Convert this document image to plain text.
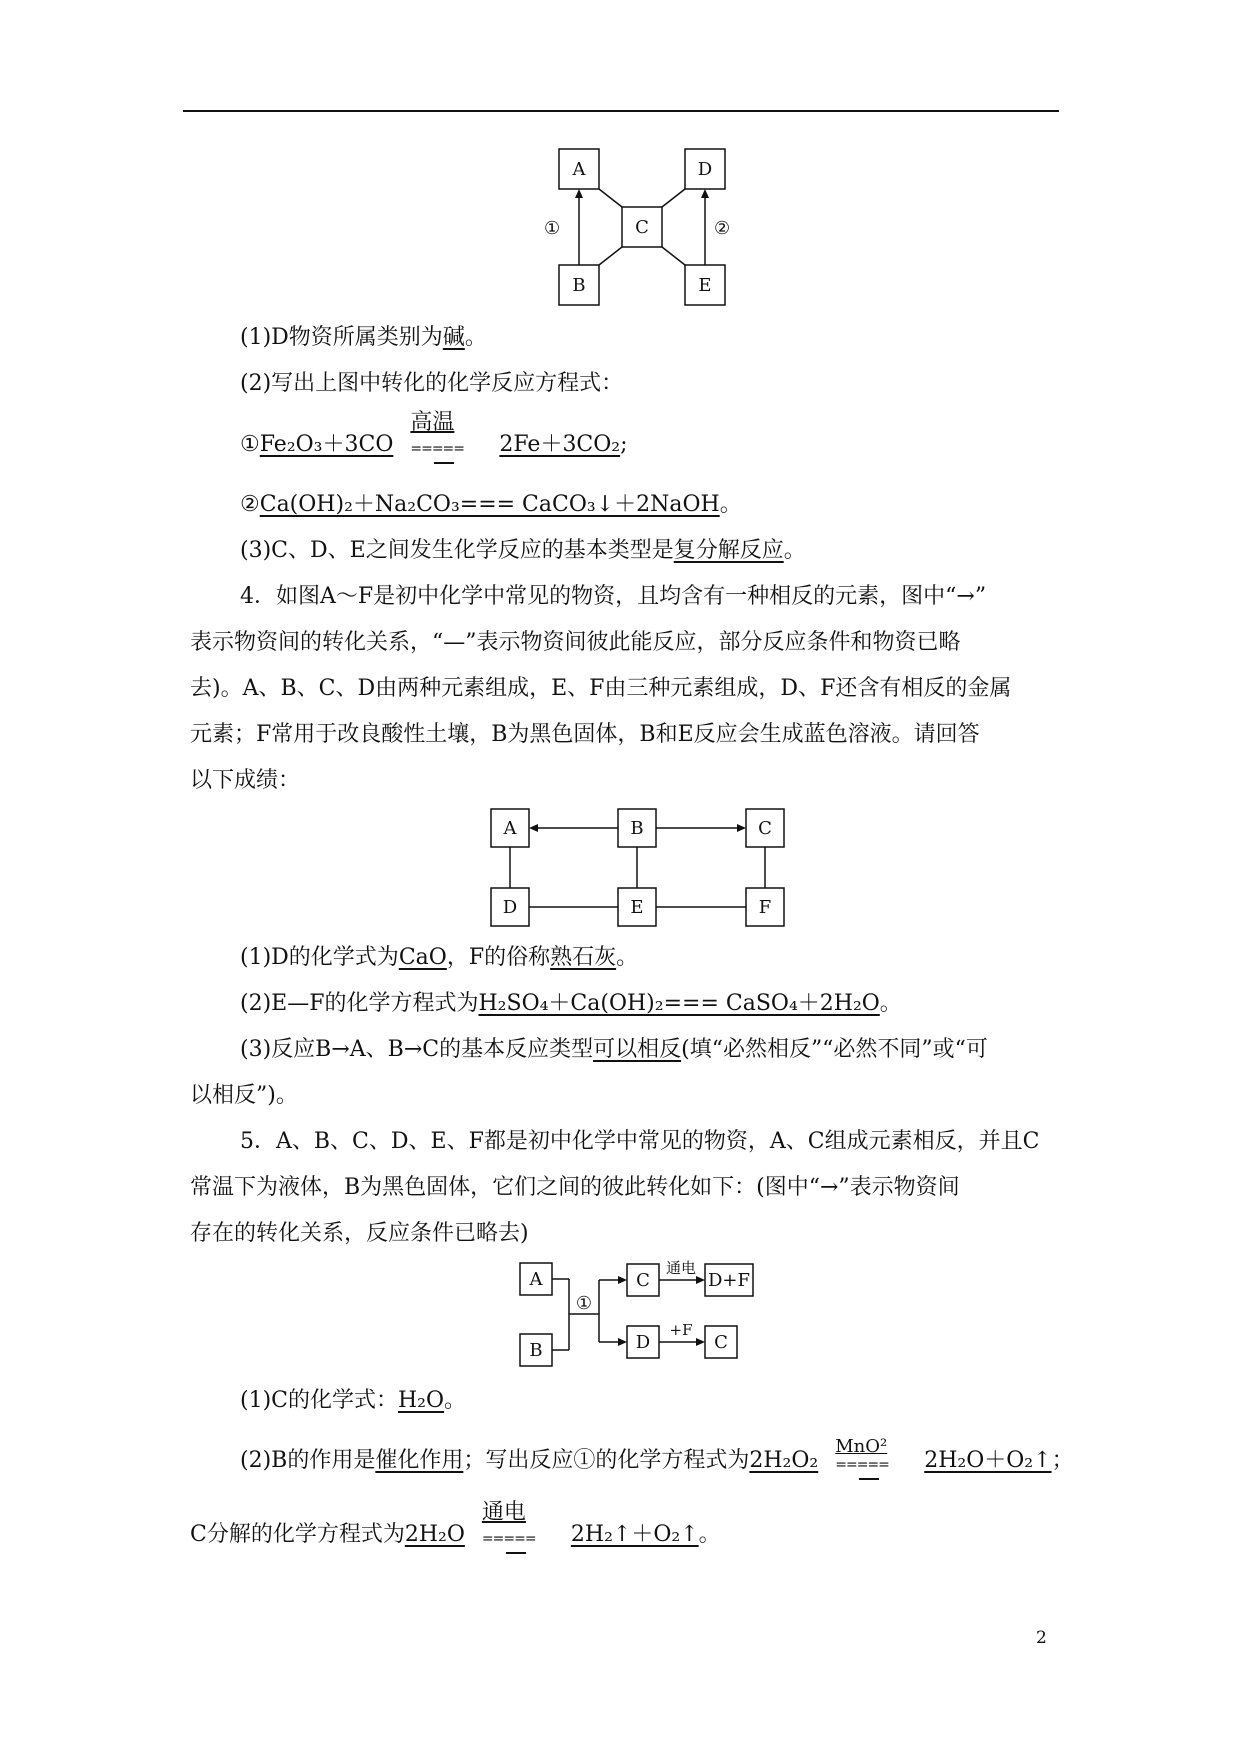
A	D
C
B	E
①	②
(1)D物资所属类别为碱。
(2)写出上图中转化的化学反应方程式：
①Fe₂O₃＋3CO
高温
===== 2Fe＋3CO₂;
②Ca(OH)₂＋Na₂CO₃=== CaCO₃↓＋2NaOH。
(3)C、D、E之间发生化学反应的基本类型是复分解反应。
4．如图A～F是初中化学中常见的物资，且均含有一种相反的元素，图中“→”
表示物资间的转化关系，“—”表示物资间彼此能反应，部分反应条件和物资已略
去)。A、B、C、D由两种元素组成，E、F由三种元素组成，D、F还含有相反的金属
元素；F常用于改良酸性土壤，B为黑色固体，B和E反应会生成蓝色溶液。请回答
以下成绩：
A	B	C
D	E	F
(1)D的化学式为CaO，F的俗称熟石灰。
(2)E—F的化学方程式为H₂SO₄＋Ca(OH)₂=== CaSO₄＋2H₂O。
(3)反应B→A、B→C的基本反应类型可以相反(填“必然相反”“必然不同”或“可
以相反”)。
5．A、B、C、D、E、F都是初中化学中常见的物资，A、C组成元素相反，并且C
常温下为液体，B为黑色固体，它们之间的彼此转化如下：(图中“→”表示物资间
存在的转化关系，反应条件已略去)
A
B
C	D+F
D	C
①
通电
+F
(1)C的化学式：H₂O。
(2)B的作用是催化作用；写出反应①的化学方程式为2H₂O₂
MnO²
===== 2H₂O＋O₂↑；
C分解的化学方程式为2H₂O
通电
===== 2H₂↑＋O₂↑。
2
